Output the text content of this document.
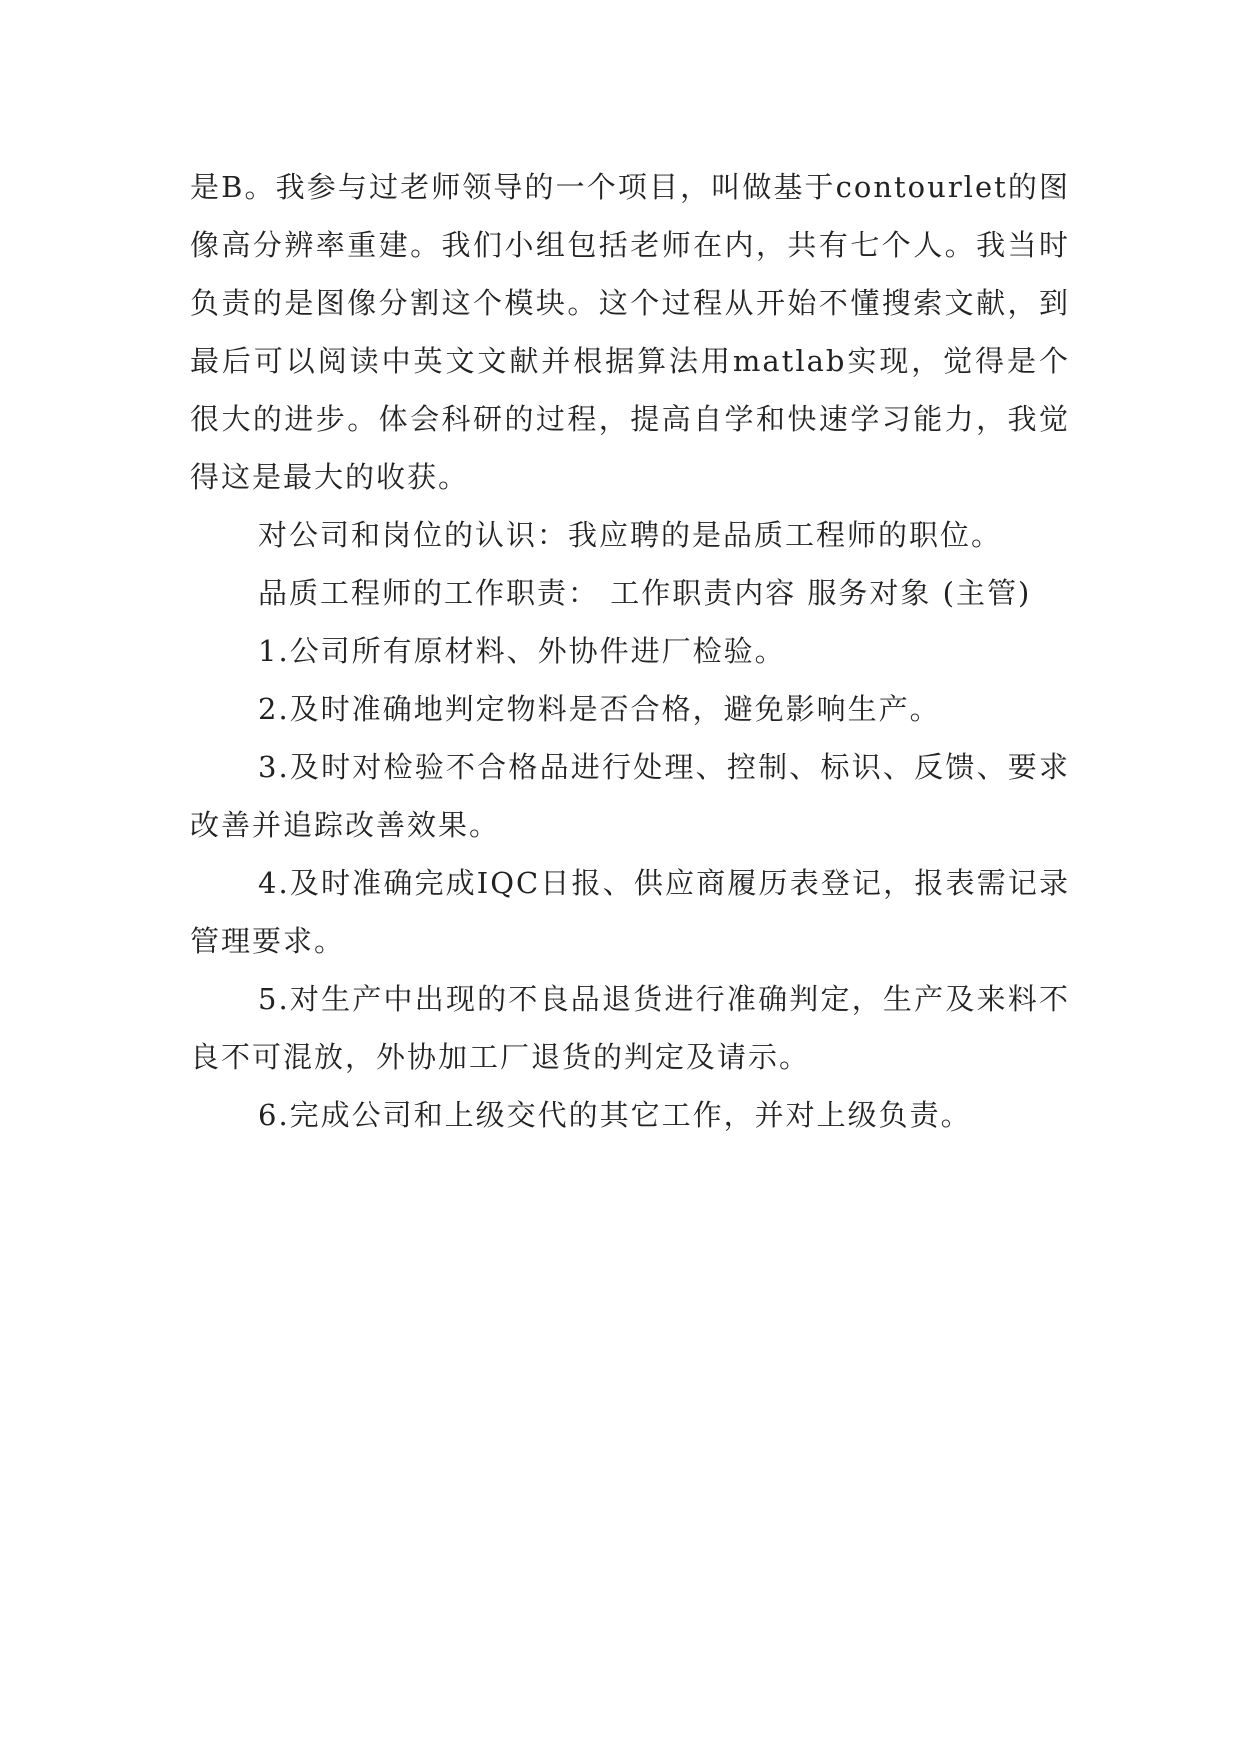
是B。我参与过老师领导的一个项目，叫做基于contourlet的图像高分辨率重建。我们小组包括老师在内，共有七个人。我当时负责的是图像分割这个模块。这个过程从开始不懂搜索文献，到最后可以阅读中英文文献并根据算法用matlab实现，觉得是个很大的进步。体会科研的过程，提高自学和快速学习能力，我觉得这是最大的收获。

对公司和岗位的认识：我应聘的是品质工程师的职位。

品质工程师的工作职责： 工作职责内容 服务对象 (主管)

1.公司所有原材料、外协件进厂检验。

2.及时准确地判定物料是否合格，避免影响生产。

3.及时对检验不合格品进行处理、控制、标识、反馈、要求改善并追踪改善效果。

4.及时准确完成IQC日报、供应商履历表登记，报表需记录管理要求。

5.对生产中出现的不良品退货进行准确判定，生产及来料不良不可混放，外协加工厂退货的判定及请示。

6.完成公司和上级交代的其它工作，并对上级负责。
